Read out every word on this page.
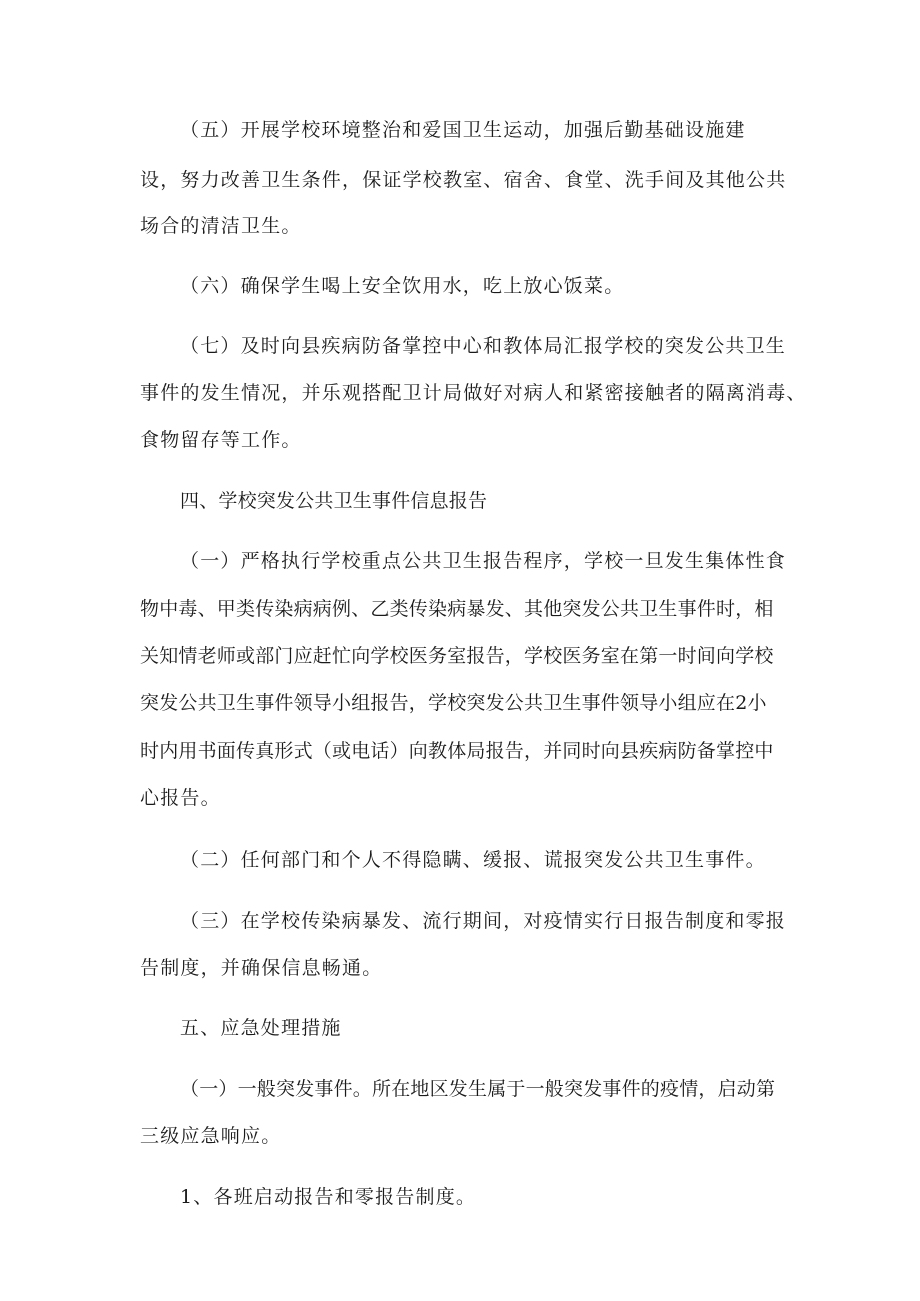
（五）开展学校环境整治和爱国卫生运动，加强后勤基础设施建
设，努力改善卫生条件，保证学校教室、宿舍、食堂、洗手间及其他公共
场合的清洁卫生。
（六）确保学生喝上安全饮用水，吃上放心饭菜。
（七）及时向县疾病防备掌控中心和教体局汇报学校的突发公共卫生
事件的发生情况，并乐观搭配卫计局做好对病人和紧密接触者的隔离消毒、
食物留存等工作。
四、学校突发公共卫生事件信息报告
（一）严格执行学校重点公共卫生报告程序，学校一旦发生集体性食
物中毒、甲类传染病病例、乙类传染病暴发、其他突发公共卫生事件时，相
关知情老师或部门应赶忙向学校医务室报告，学校医务室在第一时间向学校
突发公共卫生事件领导小组报告，学校突发公共卫生事件领导小组应在2小
时内用书面传真形式（或电话）向教体局报告，并同时向县疾病防备掌控中
心报告。
（二）任何部门和个人不得隐瞒、缓报、谎报突发公共卫生事件。
（三）在学校传染病暴发、流行期间，对疫情实行日报告制度和零报
告制度，并确保信息畅通。
五、应急处理措施
（一）一般突发事件。所在地区发生属于一般突发事件的疫情，启动第
三级应急响应。
1、各班启动报告和零报告制度。
